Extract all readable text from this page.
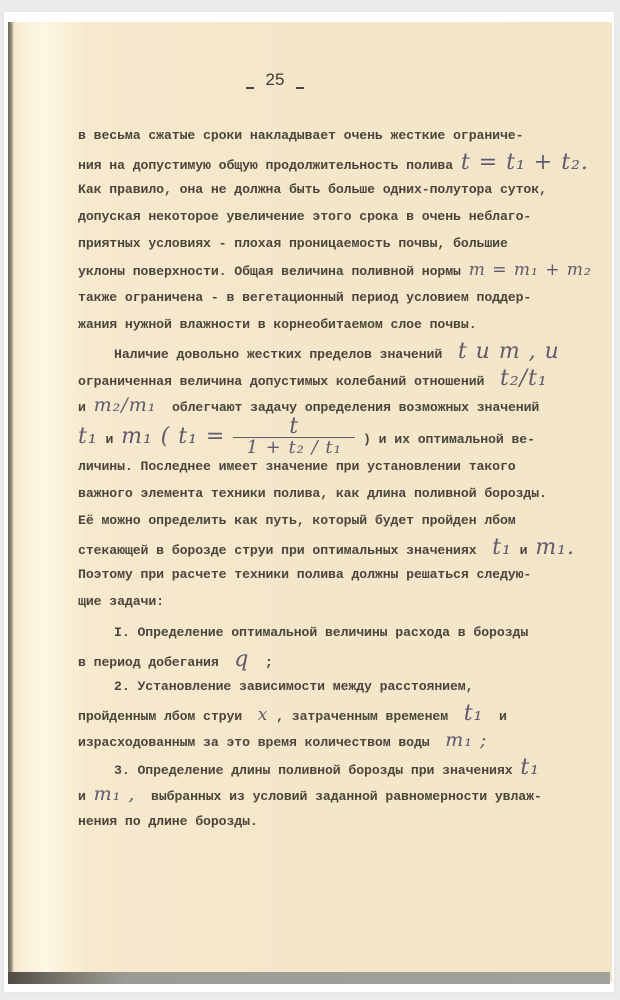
25
в весьма сжатые сроки накладывает очень жесткие ограниче-
ния на допустимую общую продолжительность полива t = t₁ + t₂.
Как правило, она не должна быть больше одних-полутора суток,
допуская некоторое увеличение этого срока в очень неблаго-
приятных условиях - плохая проницаемость почвы, большие
уклоны поверхности. Общая величина поливной нормы m = m₁ + m₂
также ограничена - в вегетационный период условием поддер-
жания нужной влажности в корнеобитаемом слое почвы.
Наличие довольно жестких пределов значений t и m , и
ограниченная величина допустимых колебаний отношений t₂/t₁
и m₂/m₁ облегчают задачу определения возможных значений
t₁ и m₁ ( $t_1 = \frac{t}{\text{1 + t₂ / t₁}}$ ) и их оптимальной ве-
личины. Последнее имеет значение при установлении такого
важного элемента техники полива, как длина поливной борозды.
Её можно определить как путь, который будет пройден лбом
стекающей в борозде струи при оптимальных значениях t₁ и m₁.
Поэтому при расчете техники полива должны решаться следую-
щие задачи:
I. Определение оптимальной величины расхода в борозды
в период добегания q ;
2. Установление зависимости между расстоянием,
пройденным лбом струи x , затраченным временем t₁ и
израсходованным за это время количеством воды m₁ ;
3. Определение длины поливной борозды при значениях t₁
и m₁ , выбранных из условий заданной равномерности увлаж-
нения по длине борозды.
